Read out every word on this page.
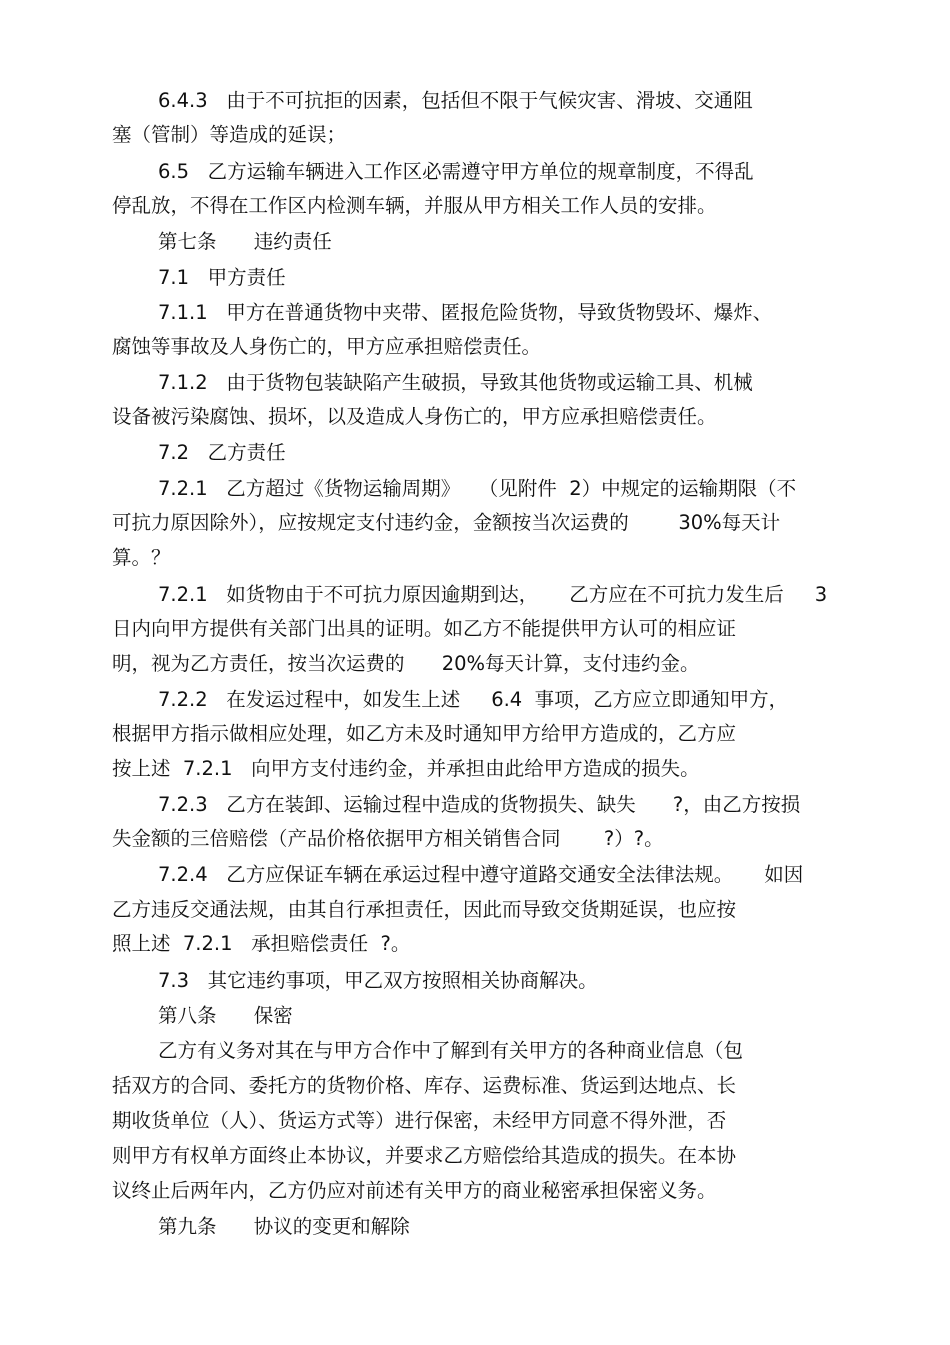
6.4.3   由于不可抗拒的因素，包括但不限于气候灾害、滑坡、交通阻
塞（管制）等造成的延误；
6.5   乙方运输车辆进入工作区必需遵守甲方单位的规章制度，不得乱
停乱放，不得在工作区内检测车辆，并服从甲方相关工作人员的安排。
第七条      违约责任
7.1   甲方责任
7.1.1   甲方在普通货物中夹带、匿报危险货物，导致货物毁坏、爆炸、
腐蚀等事故及人身伤亡的，甲方应承担赔偿责任。
7.1.2   由于货物包装缺陷产生破损，导致其他货物或运输工具、机械
设备被污染腐蚀、损坏，以及造成人身伤亡的，甲方应承担赔偿责任。
7.2   乙方责任
7.2.1   乙方超过《货物运输周期》   （见附件  2）中规定的运输期限（不
可抗力原因除外），应按规定支付违约金，金额按当次运费的        30%每天计
算。？
7.2.1   如货物由于不可抗力原因逾期到达，     乙方应在不可抗力发生后     3
日内向甲方提供有关部门出具的证明。如乙方不能提供甲方认可的相应证
明，视为乙方责任，按当次运费的      20%每天计算，支付违约金。
7.2.2   在发运过程中，如发生上述     6.4  事项，乙方应立即通知甲方，
根据甲方指示做相应处理，如乙方未及时通知甲方给甲方造成的，乙方应
按上述  7.2.1   向甲方支付违约金，并承担由此给甲方造成的损失。
7.2.3   乙方在装卸、运输过程中造成的货物损失、缺失      ?，由乙方按损
失金额的三倍赔偿（产品价格依据甲方相关销售合同       ?）?。
7.2.4   乙方应保证车辆在承运过程中遵守道路交通安全法律法规。     如因
乙方违反交通法规，由其自行承担责任，因此而导致交货期延误，也应按
照上述  7.2.1   承担赔偿责任  ?。
7.3   其它违约事项，甲乙双方按照相关协商解决。
第八条      保密
乙方有义务对其在与甲方合作中了解到有关甲方的各种商业信息（包
括双方的合同、委托方的货物价格、库存、运费标准、货运到达地点、长
期收货单位（人）、货运方式等）进行保密，未经甲方同意不得外泄，否
则甲方有权单方面终止本协议，并要求乙方赔偿给其造成的损失。在本协
议终止后两年内，乙方仍应对前述有关甲方的商业秘密承担保密义务。
第九条      协议的变更和解除
